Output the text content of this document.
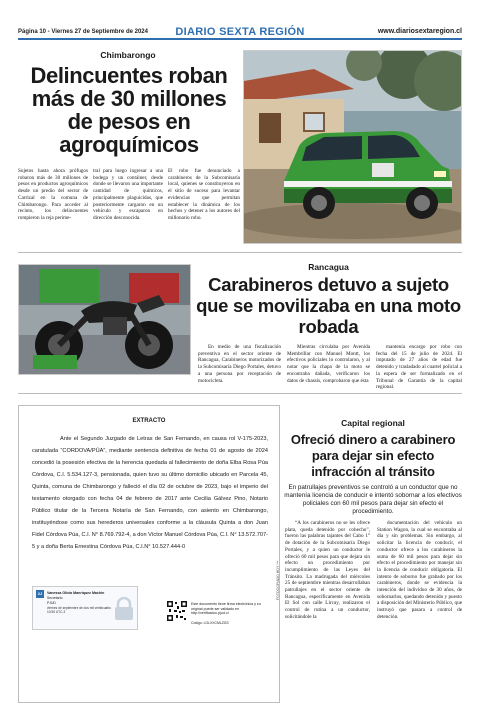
Página 10 - Viernes 27 de Septiembre de 2024	DIARIO SEXTA REGIÓN	www.diariosextaregion.cl
Chimbarongo
Delincuentes roban más de 30 millones de pesos en agroquímicos
Sujetos hasta ahora prófugos robaron más de 30 millones de pesos en productos agroquímicos desde un predio del sector de Carrizal en la comuna de Chimbarongo. Para acceder al recinto, los delincuentes rompieron la reja perime-
tral para luego ingresar a una bodega y un contáiner, desde donde se llevaron una importante cantidad de químicos, principalmente plaguicidas, que posteriormente cargaron en un vehículo y escaparon en dirección desconocida.
El robo fue denunciado a carabineros de la Subcomisaría local, quienes se constituyeron en el sitio de suceso para levantar evidencias que permitan establecer la dinámica de los hechos y detener a los autores del millonario robo.
Rancagua
Carabineros detuvo a sujeto que se movilizaba en una moto robada

En medio de una fiscalización preventiva en el sector oriente de Rancagua, Carabineros motorizados de la Subcomisaría Diego Portales, detuvo a una persona por receptación de motocicleta.

Mientras circulaba por Avenida Membrillar con Manuel Montt, los efectivos policiales lo controlaron, y al notar que la chapa de la moto se encontraba dañada, verificaron los datos de chassis, comprobaron que ésta

mantenía encargo por robo con fecha del 15 de julio de 2024. El imputado de 27 años de edad fue detenido y trasladado al cuartel policial a la espera de ser formalizado en el Tribunal de Garantía de la capital regional.

EXTRACTO

Ante el Segundo Juzgado de Letras de San Fernando, en causa rol V-175-2023, caratulada “CORDOVA/PÚA”, mediante sentencia definitiva de fecha 01 de agosto de 2024 concedió la posesión efectiva de la herencia quedada al fallecimiento de doña Elba Rosa Púa Córdova, C.I. 5.534.127-3, pensionada, quien tuvo su último domicilio ubicado en Parcela 45, Quinta, comuna de Chimbarongo y falleció el día 02 de octubre de 2023, bajo el imperio del testamento otorgado con fecha 04 de febrero de 2017 ante Cecilia Gálvez Pino, Notario Público titular de la Tercera Notaría de San Fernando, con asiento en Chimbarongo, instituyéndose como sus herederos universales conforme a la cláusula Quinta a don Juan Fidel Córdova Púa, C.I. N° 8.769.792-4, a don Víctor Manuel Córdova Púa, C.I. N° 13.572.707-5 y a doña Berta Ernestina Córdova Púa, C.I.N° 10.527.444-0

2J	Vanessa Olivia Manríquez Machin
Secretario
PJUD
viernes de septiembre de dos mil veinticuatro 10:55 UTC-3
Este documento tiene firma electrónica y su original puede ser validado en http://verificadoc.pjud.cl
Código: LOLXXCMLZGS
FOTOCOPIADO HOY ***
Capital regional
Ofreció dinero a carabinero para dejar sin efecto infracción al tránsito
En patrullajes preventivos se controló a un conductor que no mantenía licencia de conducir e intentó sobornar a los efectivos policiales con 60 mil pesos para dejar sin efecto el procedimiento.

“A los carabineros no se les ofrece plata, queda detenido por cohecho”, fueron las palabras tajantes del Cabo 1° de dotación de la Subcomisaría Diego Portales, y a quien un conductor le ofreció 60 mil pesos para que dejara sin efecto un procedimiento por incumplimiento de las Leyes del Tránsito. La madrugada del miércoles 25 de septiembre mientras desarrollaban patrullajes en el sector oriente de Rancagua, específicamente en Avenida El Sol con calle Lircay, realizaron el control de rutina a un conductor, solicitándole la

documentación del vehículo un Station Wagon, la cual se encontraba al día y sin problemas. Sin embargo, al solicitar la licencia de conducir, el conductor ofrece a los carabineros la suma de 60 mil pesos para dejar sin efecto el procedimiento por manejar sin la licencia de conducir obligatoria. El intento de soborno fue grabado por los carabineros, donde se evidencia la intención del individuo de 30 años, de sobornarlos, quedando detenido y puesto a disposición del Ministerio Público, que instruyó que pasara a control de detención.
